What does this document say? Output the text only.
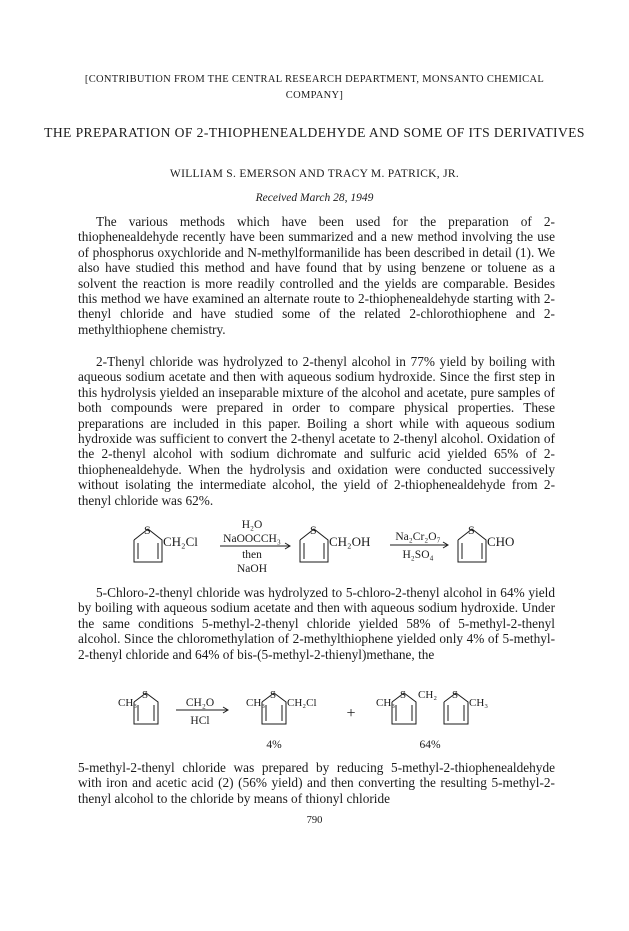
[CONTRIBUTION FROM THE CENTRAL RESEARCH DEPARTMENT, MONSANTO CHEMICAL COMPANY]
THE PREPARATION OF 2-THIOPHENEALDEHYDE AND SOME OF ITS DERIVATIVES
WILLIAM S. EMERSON AND TRACY M. PATRICK, JR.
Received March 28, 1949

The various methods which have been used for the preparation of 2-thiophenealdehyde recently have been summarized and a new method involving the use of phosphorus oxychloride and N-methylformanilide has been described in detail (1). We also have studied this method and have found that by using benzene or toluene as a solvent the reaction is more readily controlled and the yields are comparable. Besides this method we have examined an alternate route to 2-thiophenealdehyde starting with 2-thenyl chloride and have studied some of the related 2-chlorothiophene and 2-methylthiophene chemistry.

2-Thenyl chloride was hydrolyzed to 2-thenyl alcohol in 77% yield by boiling with aqueous sodium acetate and then with aqueous sodium hydroxide. Since the first step in this hydrolysis yielded an inseparable mixture of the alcohol and acetate, pure samples of both compounds were prepared in order to compare physical properties. These preparations are included in this paper. Boiling a short while with aqueous sodium hydroxide was sufficient to convert the 2-thenyl acetate to 2-thenyl alcohol. Oxidation of the 2-thenyl alcohol with sodium dichromate and sulfuric acid yielded 65% of 2-thiophenealdehyde. When the hydrolysis and oxidation were conducted successively without isolating the intermediate alcohol, the yield of 2-thiophenealdehyde from 2-thenyl chloride was 62%.

S
CH₂Cl
H₂O
NaOOCCH₃
then
NaOH
S
CH₂OH Na₂Cr₂O₇
H₂SO₄
S
CHO

5-Chloro-2-thenyl chloride was hydrolyzed to 5-chloro-2-thenyl alcohol in 64% yield by boiling with aqueous sodium acetate and then with aqueous sodium hydroxide. Under the same conditions 5-methyl-2-thenyl chloride yielded 58% of 5-methyl-2-thenyl alcohol. Since the chloromethylation of 2-methylthiophene yielded only 4% of 5-methyl-2-thenyl chloride and 64% of bis-(5-methyl-2-thienyl)methane, the

CH₃
S
CH₂O
HCl
CH₃
S
CH₂Cl
+
CH₃
S CH₂ S
CH₃
4%	64%

5-methyl-2-thenyl chloride was prepared by reducing 5-methyl-2-thiophenealdehyde with iron and acetic acid (2) (56% yield) and then converting the resulting 5-methyl-2-thenyl alcohol to the chloride by means of thionyl chloride

790
